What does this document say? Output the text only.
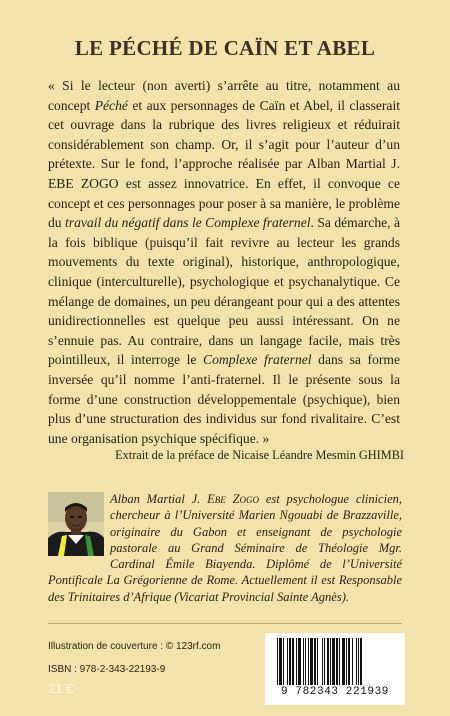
LE PÉCHÉ DE CAÏN ET ABEL

« Si le lecteur (non averti) s’arrête au titre, notamment au concept Péché et aux personnages de Caïn et Abel, il classerait cet ouvrage dans la rubrique des livres religieux et réduirait considérablement son champ. Or, il s’agit pour l’auteur d’un prétexte. Sur le fond, l’approche réalisée par Alban Martial J. EBE ZOGO est assez innovatrice. En effet, il convoque ce concept et ces personnages pour poser à sa manière, le problème du travail du négatif dans le Complexe fraternel. Sa démarche, à la fois biblique (puisqu’il fait revivre au lecteur les grands mouvements du texte original), historique, anthropologique, clinique (interculturelle), psychologique et psychanalytique. Ce mélange de domaines, un peu dérangeant pour qui a des attentes unidirectionnelles est quelque peu aussi intéressant. On ne s’ennuie pas. Au contraire, dans un langage facile, mais très pointilleux, il interroge le Complexe fraternel dans sa forme inversée qu’il nomme l’anti-fraternel. Il le présente sous la forme d’une construction développementale (psychique), bien plus d’une structuration des individus sur fond rivalitaire. C’est une organisation psychique spécifique. »

Extrait de la préface de Nicaise Léandre Mesmin GHIMBI

Alban Martial J. Ebe Zogo est psychologue clinicien, chercheur à l’Université Marien Ngouabi de Brazzaville, originaire du Gabon et enseignant de psychologie pastorale au Grand Séminaire de Théologie Mgr. Cardinal Émile Biayenda. Diplômé de l’Université Pontificale La Grégorienne de Rome. Actuellement il est Responsable des Trinitaires d’Afrique (Vicariat Provincial Sainte Agnès).

Illustration de couverture : © 123rf.com
ISBN : 978-2-343-22193-9
21 €	9 782343 221939
